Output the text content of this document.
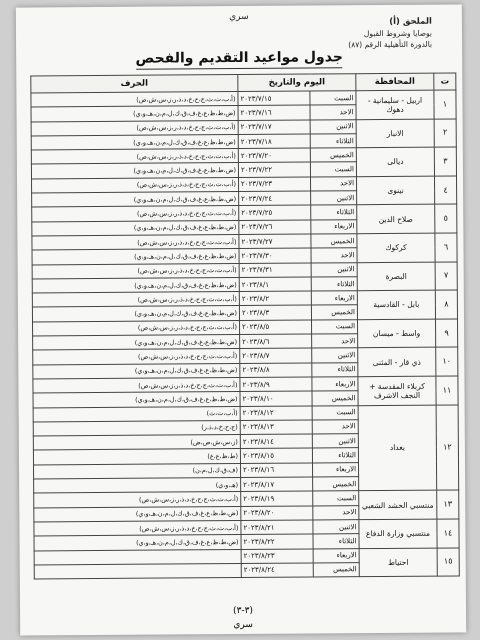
سري	الملحق (أ)
بوصايا وشروط القبول
بالدورة التأهيلية الرقم (٨٧)
جدول مواعيد التقديم والفحص
ت	المحافظة	اليوم والتاريخ		الحرف
١	اربيل - سليمانية - دهوك	السبت	٢٠٢٣/٧/١٥	(أ،ب،ت،ث،ج،ح،خ،د،ذ،ر،ز،س،ش،ص)
		الاحد	٢٠٢٣/٧/١٦	(ض،ط،ظ،ع،غ،ف،ق،ك،ل،م،ن،هـ،و،ي)
٢	الانبار	الاثنين	٢٠٢٣/٧/١٧	(أ،ب،ت،ث،ج،ح،خ،د،ذ،ر،ز،س،ش،ص)
		الثلاثاء	٢٠٢٣/٧/١٨	(ض،ط،ظ،ع،غ،ف،ق،ك،ل،م،ن،هـ،و،ي)
٣	ديالى	الخميس	٢٠٢٣/٧/٢٠	(أ،ب،ت،ث،ج،ح،خ،د،ذ،ر،ز،س،ش،ص)
		السبت	٢٠٢٣/٧/٢٢	(ض،ط،ظ،ع،غ،ف،ق،ك،ل،م،ن،هـ،و،ي)
٤	نينوى	الاحد	٢٠٢٣/٧/٢٣	(أ،ب،ت،ث،ج،ح،خ،د،ذ،ر،ز،س،ش،ص)
		الاثنين	٢٠٢٣/٧/٢٤	(ض،ط،ظ،ع،غ،ف،ق،ك،ل،م،ن،هـ،و،ي)
٥	صلاح الدين	الثلاثاء	٢٠٢٣/٧/٢٥	(أ،ب،ت،ث،ج،ح،خ،د،ذ،ر،ز،س،ش،ص)
		الاربعاء	٢٠٢٣/٧/٢٦	(ض،ط،ظ،ع،غ،ف،ق،ك،ل،م،ن،هـ،و،ي)
٦	كركوك	الخميس	٢٠٢٣/٧/٢٧	(أ،ب،ت،ث،ج،ح،خ،د،ذ،ر،ز،س،ش،ص)
		الاحد	٢٠٢٣/٧/٣٠	(ض،ط،ظ،ع،غ،ف،ق،ك،ل،م،ن،هـ،و،ي)
٧	البصرة	الاثنين	٢٠٢٣/٧/٣١	(أ،ب،ت،ث،ج،ح،خ،د،ذ،ر،ز،س،ش،ص)
		الثلاثاء	٢٠٢٣/٨/١	(ض،ط،ظ،ع،غ،ف،ق،ك،ل،م،ن،هـ،و،ي)
٨	بابل - القادسية	الاربعاء	٢٠٢٣/٨/٢	(أ،ب،ت،ث،ج،ح،خ،د،ذ،ر،ز،س،ش،ص)
		الخميس	٢٠٢٣/٨/٣	(ض،ط،ظ،ع،غ،ف،ق،ك،ل،م،ن،هـ،و،ي)
٩	واسط - ميسان	السبت	٢٠٢٣/٨/٥	(أ،ب،ت،ث،ج،ح،خ،د،ذ،ر،ز،س،ش،ص)
		الاحد	٢٠٢٣/٨/٦	(ض،ط،ظ،ع،غ،ف،ق،ك،ل،م،ن،هـ،و،ي)
١٠	ذي قار - المثنى	الاثنين	٢٠٢٣/٨/٧	(أ،ب،ت،ث،ج،ح،خ،د،ذ،ر،ز،س،ش،ص)
		الثلاثاء	٢٠٢٣/٨/٨	(ض،ط،ظ،ع،غ،ف،ق،ك،ل،م،ن،هـ،و،ي)
١١	كربلاء المقدسة + النجف الاشرف	الاربعاء	٢٠٢٣/٨/٩	(أ،ب،ت،ث،ج،ح،خ،د،ذ،ر،ز،س،ش،ص)
		الخميس	٢٠٢٣/٨/١٠	(ض،ط،ظ،ع،غ،ف،ق،ك،ل،م،ن،هـ،و،ي)
١٢	بغداد	السبت	٢٠٢٣/٨/١٢	(أ،ب،ت،ث)
		الاحد	٢٠٢٣/٨/١٣	(ج،ح،خ،د،ذ،ر)
		الاثنين	٢٠٢٣/٨/١٤	(ز،س،ش،ص،ض)
		الثلاثاء	٢٠٢٣/٨/١٥	(ط،ظ،ع،غ)
		الاربعاء	٢٠٢٣/٨/١٦	(ف،ق،ك،ل،م،ن)
		الخميس	٢٠٢٣/٨/١٧	(هـ،و،ي)
١٣	منتسبي الحشد الشعبي	السبت	٢٠٢٣/٨/١٩	(أ،ب،ت،ث،ج،ح،خ،د،ذ،ر،ز،س،ش،ص)
		الاحد	٢٠٢٣/٨/٢٠	(ض،ط،ظ،ع،غ،ف،ق،ك،ل،م،ن،هـ،و،ي)
١٤	منتسبي وزارة الدفاع	الاثنين	٢٠٢٣/٨/٢١	(أ،ب،ت،ث،ج،ح،خ،د،ذ،ر،ز،س،ش،ص)
		الثلاثاء	٢٠٢٣/٨/٢٢	(ض،ط،ظ،ع،غ،ف،ق،ك،ل،م،ن،هـ،و،ي)
١٥	احتياط	الاربعاء	٢٠٢٣/٨/٢٣	
		الخميس	٢٠٢٣/٨/٢٤	
(٣-٣)
سري
